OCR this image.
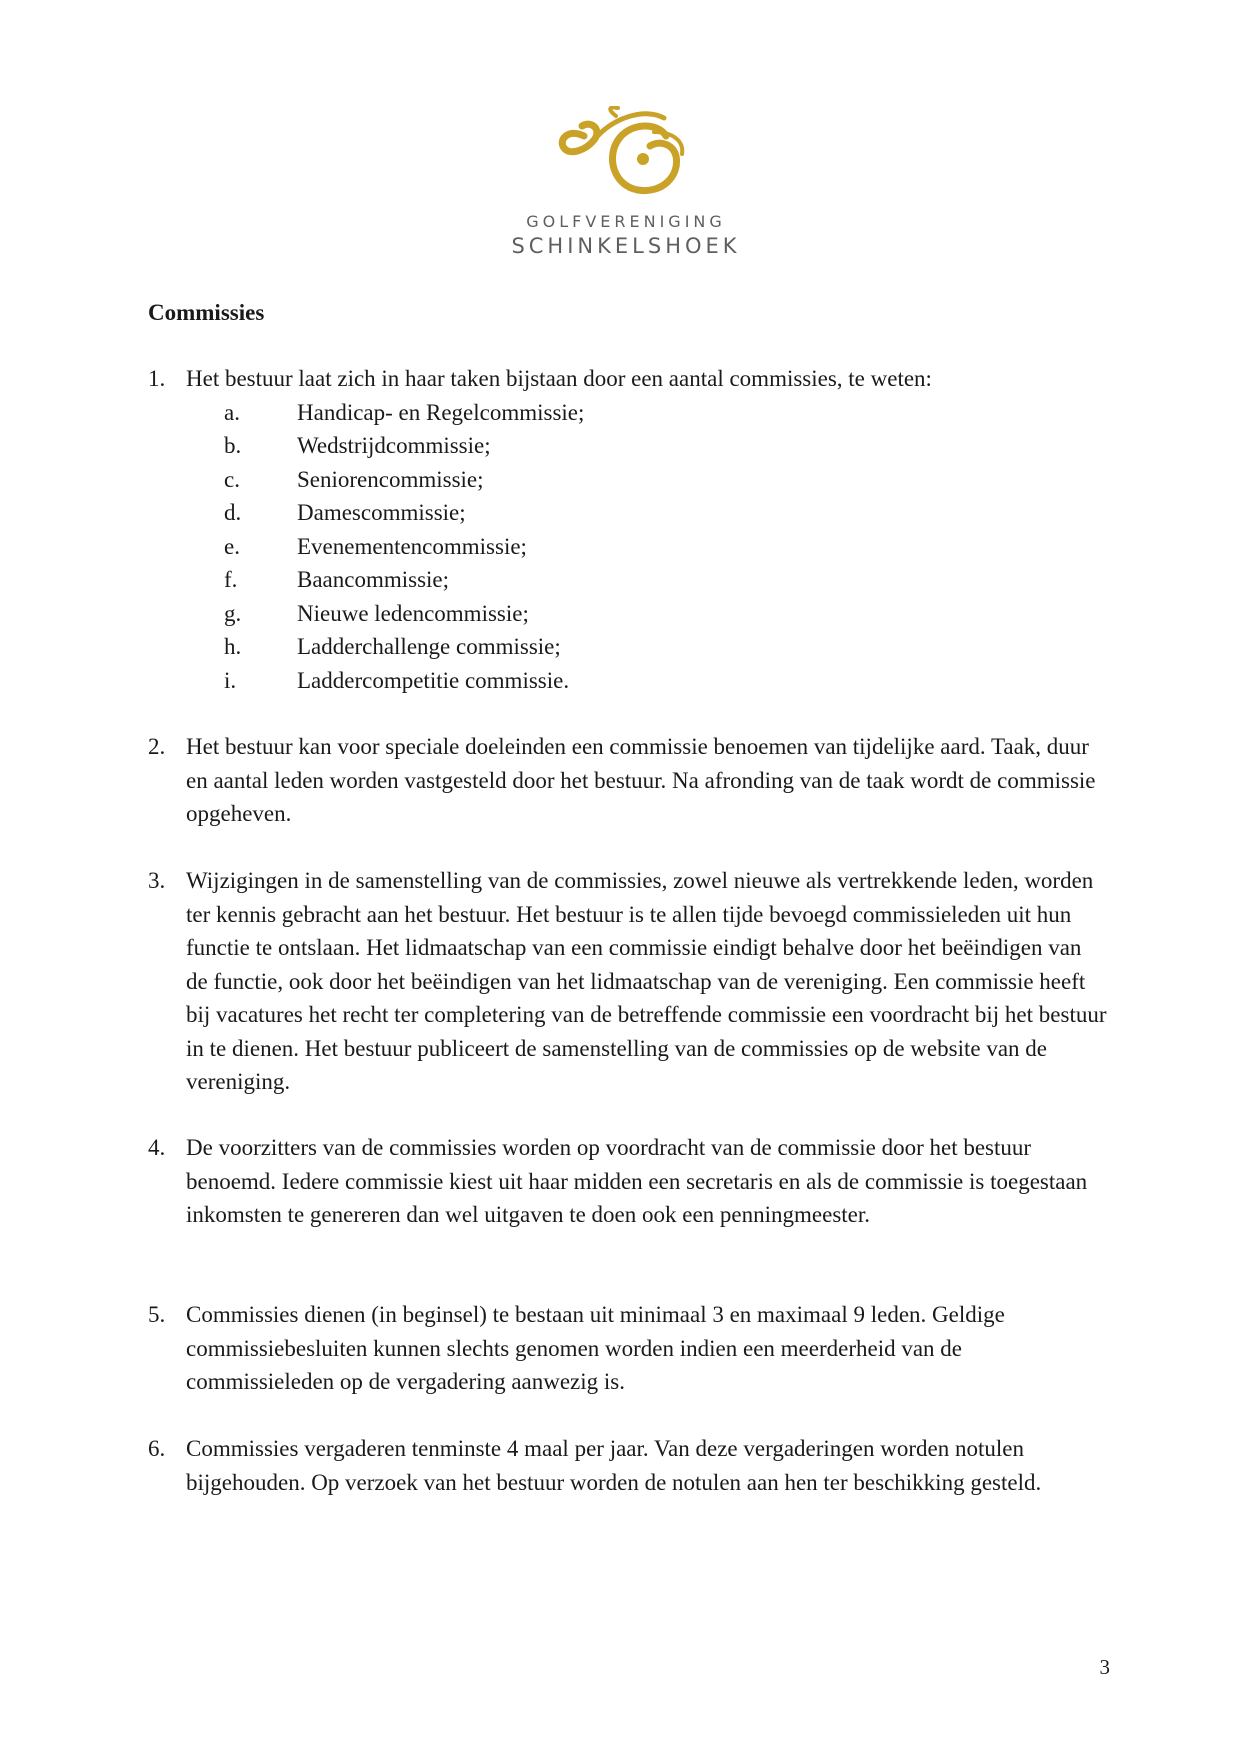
GOLFVERENIGING
SCHINKELSHOEK
Commissies
1. Het bestuur laat zich in haar taken bijstaan door een aantal commissies, te weten:
a.	Handicap- en Regelcommissie;
b.	Wedstrijdcommissie;
c.	Seniorencommissie;
d.	Damescommissie;
e.	Evenementencommissie;
f.	Baancommissie;
g.	Nieuwe ledencommissie;
h.	Ladderchallenge commissie;
i.	Laddercompetitie commissie.
2. Het bestuur kan voor speciale doeleinden een commissie benoemen van tijdelijke aard. Taak, duur en aantal leden worden vastgesteld door het bestuur. Na afronding van de taak wordt de commissie opgeheven.
3. Wijzigingen in de samenstelling van de commissies, zowel nieuwe als vertrekkende leden, worden ter kennis gebracht aan het bestuur. Het bestuur is te allen tijde bevoegd commissieleden uit hun functie te ontslaan. Het lidmaatschap van een commissie eindigt behalve door het beëindigen van de functie, ook door het beëindigen van het lidmaatschap van de vereniging. Een commissie heeft bij vacatures het recht ter completering van de betreffende commissie een voordracht bij het bestuur in te dienen. Het bestuur publiceert de samenstelling van de commissies op de website van de vereniging.
4. De voorzitters van de commissies worden op voordracht van de commissie door het bestuur benoemd. Iedere commissie kiest uit haar midden een secretaris en als de commissie is toegestaan inkomsten te genereren dan wel uitgaven te doen ook een penningmeester.
5. Commissies dienen (in beginsel) te bestaan uit minimaal 3 en maximaal 9 leden. Geldige commissiebesluiten kunnen slechts genomen worden indien een meerderheid van de commissieleden op de vergadering aanwezig is.
6. Commissies vergaderen tenminste 4 maal per jaar. Van deze vergaderingen worden notulen bijgehouden. Op verzoek van het bestuur worden de notulen aan hen ter beschikking gesteld.
3
